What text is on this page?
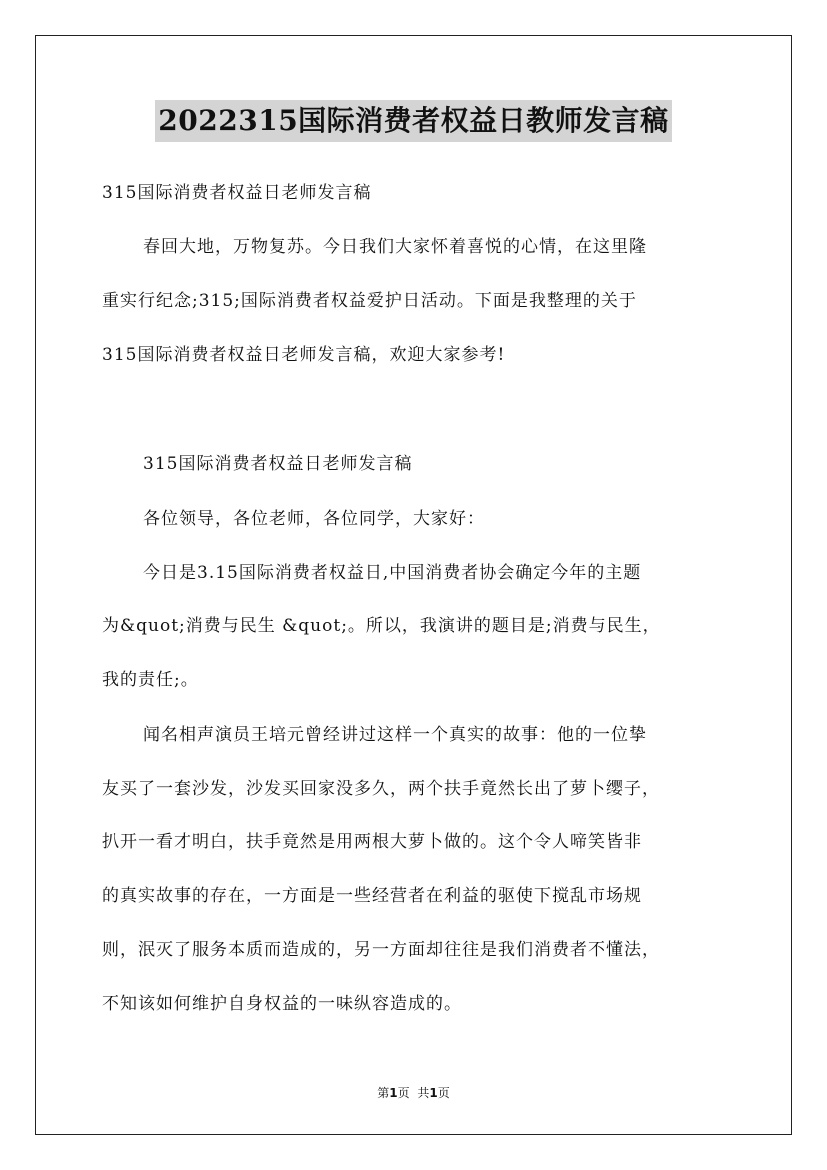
2022315国际消费者权益日教师发言稿
315国际消费者权益日老师发言稿
春回大地，万物复苏。今日我们大家怀着喜悦的心情，在这里隆
重实行纪念;315;国际消费者权益爱护日活动。下面是我整理的关于
315国际消费者权益日老师发言稿，欢迎大家参考!
315国际消费者权益日老师发言稿
各位领导，各位老师，各位同学，大家好：
今日是3.15国际消费者权益日,中国消费者协会确定今年的主题
为&quot;消费与民生 &quot;。所以，我演讲的题目是;消费与民生，
我的责任;。
闻名相声演员王培元曾经讲过这样一个真实的故事：他的一位挚
友买了一套沙发，沙发买回家没多久，两个扶手竟然长出了萝卜缨子，
扒开一看才明白，扶手竟然是用两根大萝卜做的。这个令人啼笑皆非
的真实故事的存在，一方面是一些经营者在利益的驱使下搅乱市场规
则，泯灭了服务本质而造成的，另一方面却往往是我们消费者不懂法，
不知该如何维护自身权益的一味纵容造成的。
第1页 共1页
